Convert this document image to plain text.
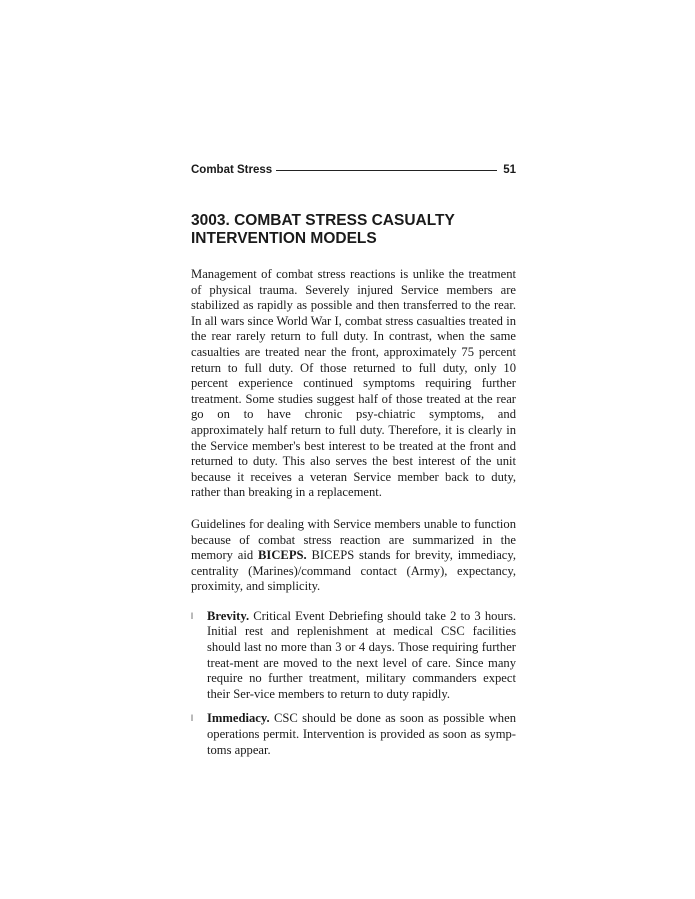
Combat Stress	51
3003. COMBAT STRESS CASUALTY INTERVENTION MODELS

Management of combat stress reactions is unlike the treatment of physical trauma. Severely injured Service members are stabilized as rapidly as possible and then transferred to the rear. In all wars since World War I, combat stress casualties treated in the rear rarely return to full duty. In contrast, when the same casualties are treated near the front, approximately 75 percent return to full duty. Of those returned to full duty, only 10 percent experience continued symptoms requiring further treatment. Some studies suggest half of those treated at the rear go on to have chronic psy-chiatric symptoms, and approximately half return to full duty. Therefore, it is clearly in the Service member's best interest to be treated at the front and returned to duty. This also serves the best interest of the unit because it receives a veteran Service member back to duty, rather than breaking in a replacement.

Guidelines for dealing with Service members unable to function because of combat stress reaction are summarized in the memory aid BICEPS. BICEPS stands for brevity, immediacy, centrality (Marines)/command contact (Army), expectancy, proximity, and simplicity.

l Brevity. Critical Event Debriefing should take 2 to 3 hours. Initial rest and replenishment at medical CSC facilities should last no more than 3 or 4 days. Those requiring further treat-ment are moved to the next level of care. Since many require no further treatment, military commanders expect their Ser-vice members to return to duty rapidly.
l Immediacy. CSC should be done as soon as possible when operations permit. Intervention is provided as soon as symp-toms appear.
